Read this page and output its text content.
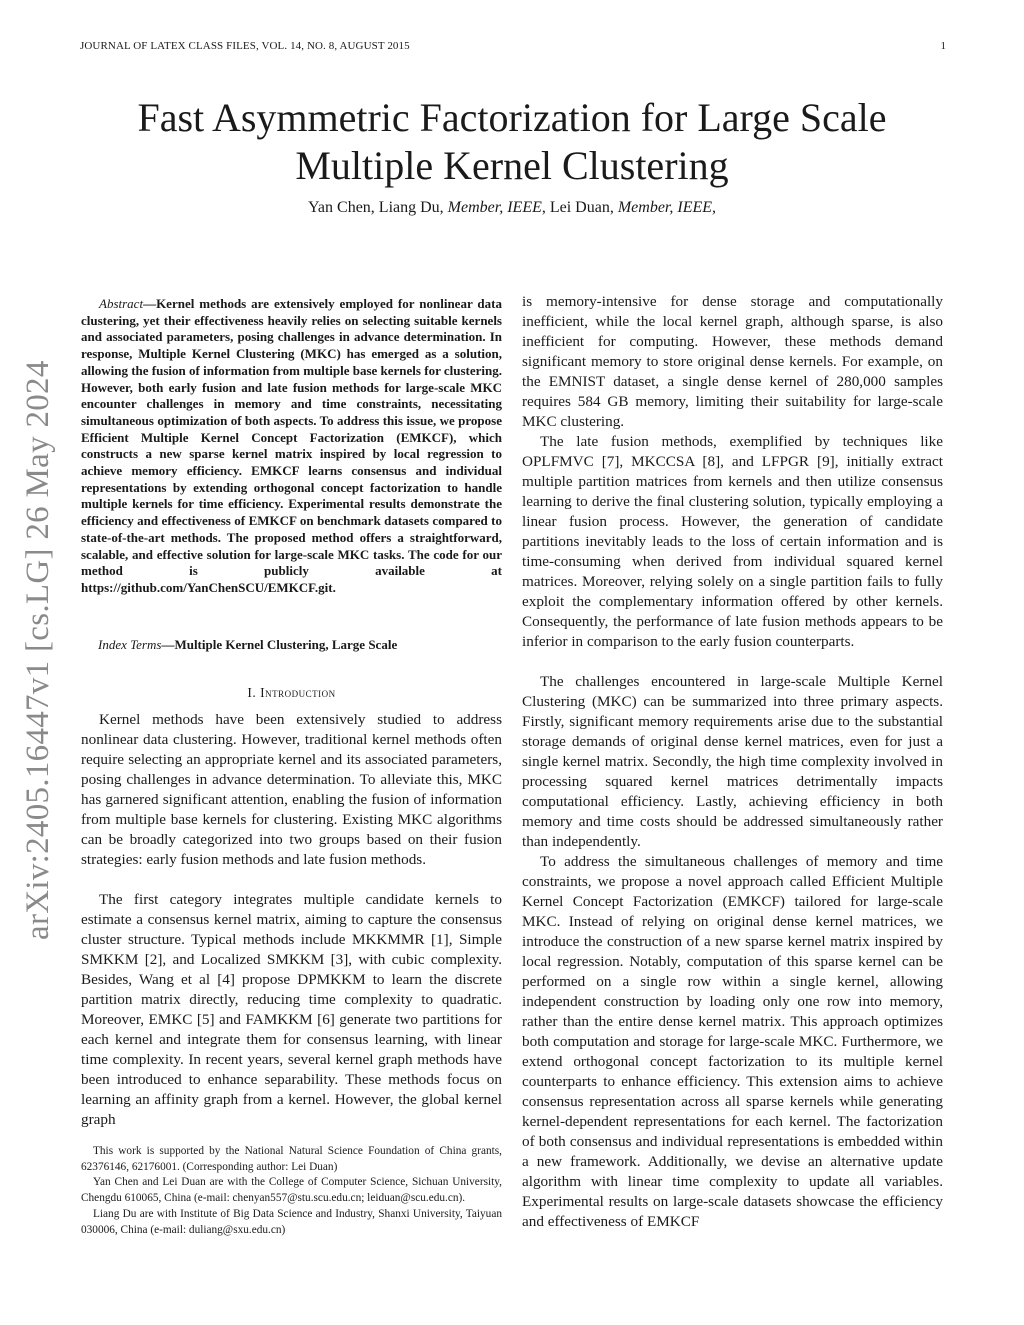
JOURNAL OF LATEX CLASS FILES, VOL. 14, NO. 8, AUGUST 2015	1
Fast Asymmetric Factorization for Large Scale
Multiple Kernel Clustering
Yan Chen, Liang Du, Member, IEEE, Lei Duan, Member, IEEE,
arXiv:2405.16447v1 [cs.LG] 26 May 2024
Abstract—Kernel methods are extensively employed for nonlinear data clustering, yet their effectiveness heavily relies on selecting suitable kernels and associated parameters, posing challenges in advance determination. In response, Multiple Kernel Clustering (MKC) has emerged as a solution, allowing the fusion of information from multiple base kernels for clustering. However, both early fusion and late fusion methods for large-scale MKC encounter challenges in memory and time constraints, necessitating simultaneous optimization of both aspects. To address this issue, we propose Efficient Multiple Kernel Concept Factorization (EMKCF), which constructs a new sparse kernel matrix inspired by local regression to achieve memory efficiency. EMKCF learns consensus and individual representations by extending orthogonal concept factorization to handle multiple kernels for time efficiency. Experimental results demonstrate the efficiency and effectiveness of EMKCF on benchmark datasets compared to state-of-the-art methods. The proposed method offers a straightforward, scalable, and effective solution for large-scale MKC tasks. The code for our method is publicly available at https://github.com/YanChenSCU/EMKCF.git.
Index Terms—Multiple Kernel Clustering, Large Scale
I. Introduction

Kernel methods have been extensively studied to address nonlinear data clustering. However, traditional kernel methods often require selecting an appropriate kernel and its associated parameters, posing challenges in advance determination. To alleviate this, MKC has garnered significant attention, enabling the fusion of information from multiple base kernels for clustering. Existing MKC algorithms can be broadly categorized into two groups based on their fusion strategies: early fusion methods and late fusion methods.

The first category integrates multiple candidate kernels to estimate a consensus kernel matrix, aiming to capture the consensus cluster structure. Typical methods include MKKMMR [1], Simple SMKKM [2], and Localized SMKKM [3], with cubic complexity. Besides, Wang et al [4] propose DPMKKM to learn the discrete partition matrix directly, reducing time complexity to quadratic. Moreover, EMKC [5] and FAMKKM [6] generate two partitions for each kernel and integrate them for consensus learning, with linear time complexity. In recent years, several kernel graph methods have been introduced to enhance separability. These methods focus on learning an affinity graph from a kernel. However, the global kernel graph

This work is supported by the National Natural Science Foundation of China grants, 62376146, 62176001. (Corresponding author: Lei Duan)

Yan Chen and Lei Duan are with the College of Computer Science, Sichuan University, Chengdu 610065, China (e-mail: chenyan557@stu.scu.edu.cn; leiduan@scu.edu.cn).

Liang Du are with Institute of Big Data Science and Industry, Shanxi University, Taiyuan 030006, China (e-mail: duliang@sxu.edu.cn)

is memory-intensive for dense storage and computationally inefficient, while the local kernel graph, although sparse, is also inefficient for computing. However, these methods demand significant memory to store original dense kernels. For example, on the EMNIST dataset, a single dense kernel of 280,000 samples requires 584 GB memory, limiting their suitability for large-scale MKC clustering.

The late fusion methods, exemplified by techniques like OPLFMVC [7], MKCCSA [8], and LFPGR [9], initially extract multiple partition matrices from kernels and then utilize consensus learning to derive the final clustering solution, typically employing a linear fusion process. However, the generation of candidate partitions inevitably leads to the loss of certain information and is time-consuming when derived from individual squared kernel matrices. Moreover, relying solely on a single partition fails to fully exploit the complementary information offered by other kernels. Consequently, the performance of late fusion methods appears to be inferior in comparison to the early fusion counterparts.

The challenges encountered in large-scale Multiple Kernel Clustering (MKC) can be summarized into three primary aspects. Firstly, significant memory requirements arise due to the substantial storage demands of original dense kernel matrices, even for just a single kernel matrix. Secondly, the high time complexity involved in processing squared kernel matrices detrimentally impacts computational efficiency. Lastly, achieving efficiency in both memory and time costs should be addressed simultaneously rather than independently.

To address the simultaneous challenges of memory and time constraints, we propose a novel approach called Efficient Multiple Kernel Concept Factorization (EMKCF) tailored for large-scale MKC. Instead of relying on original dense kernel matrices, we introduce the construction of a new sparse kernel matrix inspired by local regression. Notably, computation of this sparse kernel can be performed on a single row within a single kernel, allowing independent construction by loading only one row into memory, rather than the entire dense kernel matrix. This approach optimizes both computation and storage for large-scale MKC. Furthermore, we extend orthogonal concept factorization to its multiple kernel counterparts to enhance efficiency. This extension aims to achieve consensus representation across all sparse kernels while generating kernel-dependent representations for each kernel. The factorization of both consensus and individual representations is embedded within a new framework. Additionally, we devise an alternative update algorithm with linear time complexity to update all variables. Experimental results on large-scale datasets showcase the efficiency and effectiveness of EMKCF
